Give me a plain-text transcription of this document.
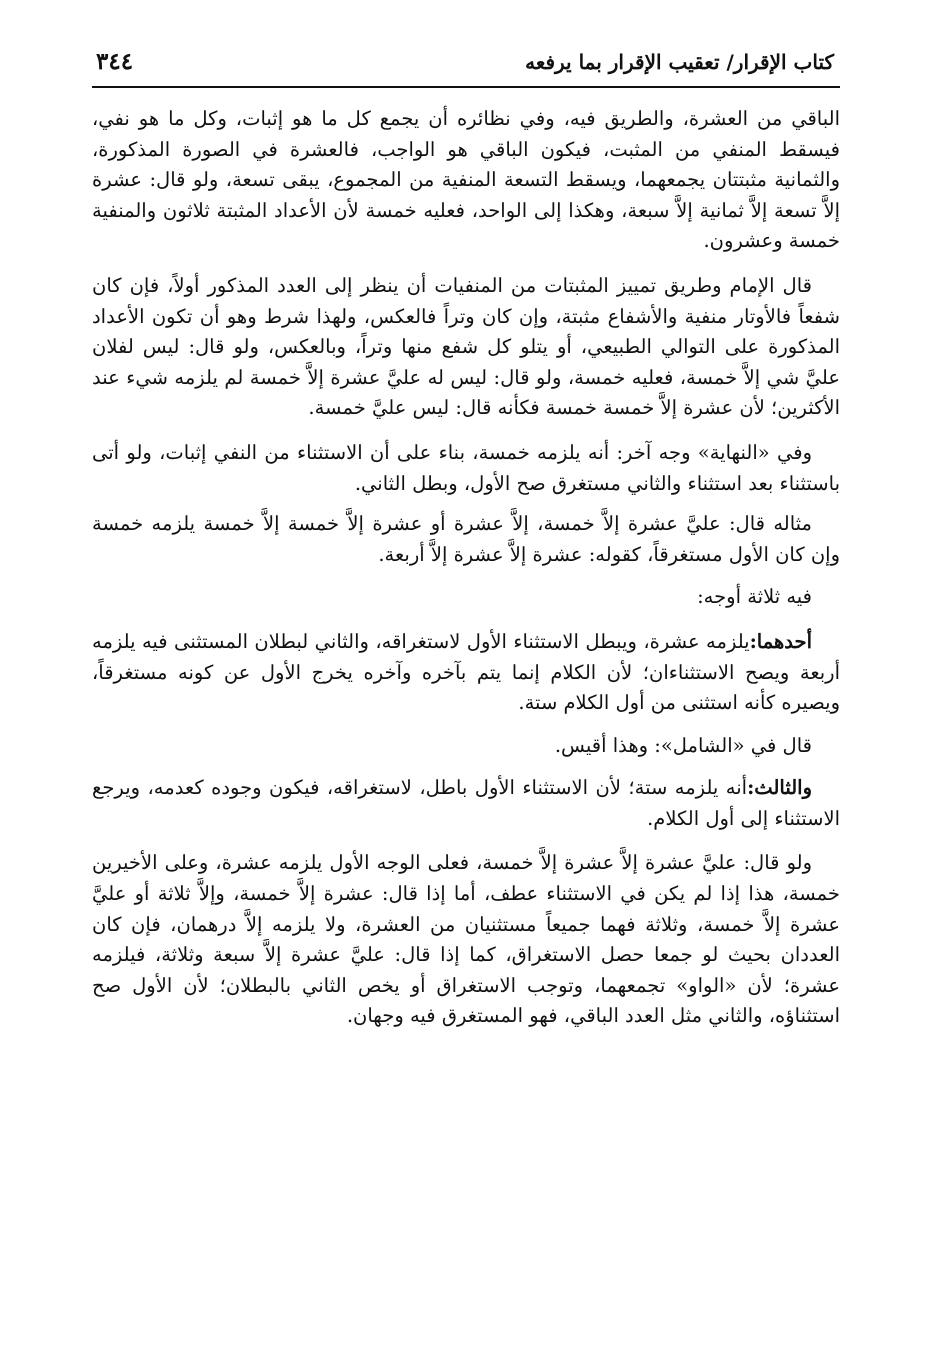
كتاب الإقرار/ تعقيب الإقرار بما يرفعه
٣٤٤

الباقي من العشرة، والطريق فيه، وفي نظائره أن يجمع كل ما هو إثبات، وكل ما هو نفي، فيسقط المنفي من المثبت، فيكون الباقي هو الواجب، فالعشرة في الصورة المذكورة، والثمانية مثبتتان يجمعهما، ويسقط التسعة المنفية من المجموع، يبقى تسعة، ولو قال: عشرة إلاَّ تسعة إلاَّ ثمانية إلاَّ سبعة، وهكذا إلى الواحد، فعليه خمسة لأن الأعداد المثبتة ثلاثون والمنفية خمسة وعشرون.

قال الإمام وطريق تمييز المثبتات من المنفيات أن ينظر إلى العدد المذكور أولاً، فإن كان شفعاً فالأوتار منفية والأشفاع مثبتة، وإن كان وتراً فالعكس، ولهذا شرط وهو أن تكون الأعداد المذكورة على التوالي الطبيعي، أو يتلو كل شفع منها وتراً، وبالعكس، ولو قال: ليس لفلان عليَّ شي إلاَّ خمسة، فعليه خمسة، ولو قال: ليس له عليَّ عشرة إلاَّ خمسة لم يلزمه شيء عند الأكثرين؛ لأن عشرة إلاَّ خمسة خمسة فكأنه قال: ليس عليَّ خمسة.

وفي «النهاية» وجه آخر: أنه يلزمه خمسة، بناء على أن الاستثناء من النفي إثبات، ولو أتى باستثناء بعد استثناء والثاني مستغرق صح الأول، وبطل الثاني.

مثاله قال: عليَّ عشرة إلاَّ خمسة، إلاَّ عشرة أو عشرة إلاَّ خمسة إلاَّ خمسة يلزمه خمسة وإن كان الأول مستغرقاً، كقوله: عشرة إلاَّ عشرة إلاَّ أربعة.

فيه ثلاثة أوجه:

أحدهما:يلزمه عشرة، ويبطل الاستثناء الأول لاستغراقه، والثاني لبطلان المستثنى فيه يلزمه أربعة ويصح الاستثناءان؛ لأن الكلام إنما يتم بآخره وآخره يخرج الأول عن كونه مستغرقاً، ويصيره كأنه استثنى من أول الكلام ستة.

قال في «الشامل»: وهذا أقيس.

والثالث:أنه يلزمه ستة؛ لأن الاستثناء الأول باطل، لاستغراقه، فيكون وجوده كعدمه، ويرجع الاستثناء إلى أول الكلام.

ولو قال: عليَّ عشرة إلاَّ عشرة إلاَّ خمسة، فعلى الوجه الأول يلزمه عشرة، وعلى الأخيرين خمسة، هذا إذا لم يكن في الاستثناء عطف، أما إذا قال: عشرة إلاَّ خمسة، وإلاَّ ثلاثة أو عليَّ عشرة إلاَّ خمسة، وثلاثة فهما جميعاً مستثنيان من العشرة، ولا يلزمه إلاَّ درهمان، فإن كان العددان بحيث لو جمعا حصل الاستغراق، كما إذا قال: عليَّ عشرة إلاَّ سبعة وثلاثة، فيلزمه عشرة؛ لأن «الواو» تجمعهما، وتوجب الاستغراق أو يخص الثاني بالبطلان؛ لأن الأول صح استثناؤه، والثاني مثل العدد الباقي، فهو المستغرق فيه وجهان.
